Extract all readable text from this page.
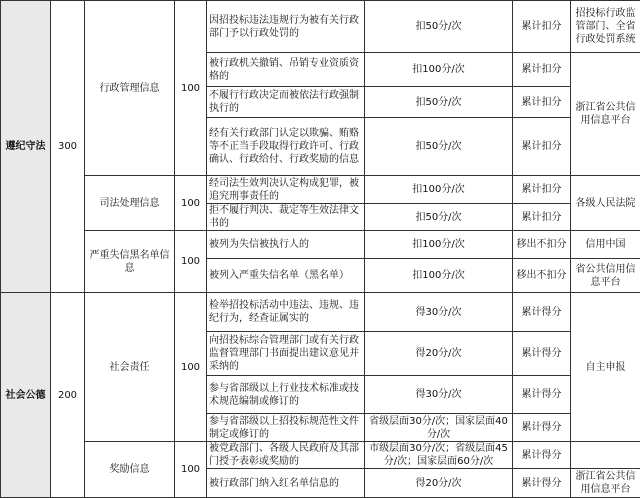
遵纪守法	300	行政管理信息	100	因招投标违法违规行为被有关行政部门予以行政处罚的	扣50分/次	累计扣分	招投标行政监管部门、全省行政处罚系统
				被行政机关撤销、吊销专业资质资格的	扣100分/次	累计扣分	浙江省公共信用信息平台
				不履行行政决定而被依法行政强制执行的	扣50分/次	累计扣分	
				经有关行政部门认定以欺骗、贿赂等不正当手段取得行政许可、行政确认、行政给付、行政奖励的信息	扣50分/次	累计扣分	
		司法处理信息	100	经司法生效判决认定构成犯罪，被追究刑事责任的	扣100分/次	累计扣分	各级人民法院
				拒不履行判决、裁定等生效法律文书的	扣50分/次	累计扣分	
		严重失信黑名单信息	100	被列为失信被执行人的	扣100分/次	移出不扣分	信用中国
				被列入严重失信名单（黑名单）	扣100分/次	移出不扣分	省公共信用信息平台
社会公德	200	社会责任	100	检举招投标活动中违法、违规、违纪行为，经查证属实的	得30分/次	累计得分	自主申报
				向招投标综合管理部门或有关行政监督管理部门书面提出建议意见并采纳的	得20分/次	累计得分	
				参与省部级以上行业技术标准或技术规范编制或修订的	得30分/次	累计得分	
				参与省部级以上招投标规范性文件制定或修订的	省级层面30分/次；国家层面40分/次	累计得分	
		奖励信息	100	被党政部门、各级人民政府及其部门授予表彰或奖励的	市级层面30分/次；省级层面45分/次；国家层面60分/次	累计得分	
				被行政部门纳入红名单信息的	得20分/次	累计得分	浙江省公共信用信息平台
